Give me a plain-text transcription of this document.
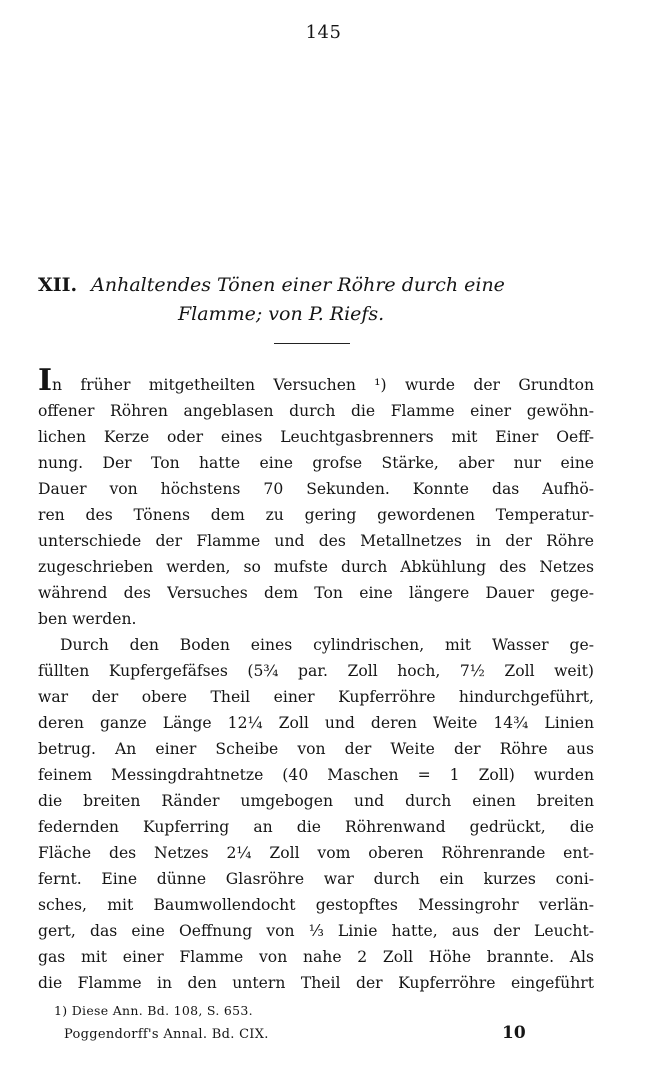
145
XII. Anhaltendes Tönen einer Röhre durch eine
Flamme; von P. Riefs.
In früher mitgetheilten Versuchen ¹) wurde der Grundton
offener Röhren angeblasen durch die Flamme einer gewöhn-
lichen Kerze oder eines Leuchtgasbrenners mit Einer Oeff-
nung. Der Ton hatte eine grofse Stärke, aber nur eine
Dauer von höchstens 70 Sekunden. Konnte das Aufhö-
ren des Tönens dem zu gering gewordenen Temperatur-
unterschiede der Flamme und des Metallnetzes in der Röhre
zugeschrieben werden, so mufste durch Abkühlung des Netzes
während des Versuches dem Ton eine längere Dauer gege-
ben werden.
Durch den Boden eines cylindrischen, mit Wasser ge-
füllten Kupfergefäfses (5¾ par. Zoll hoch, 7½ Zoll weit)
war der obere Theil einer Kupferröhre hindurchgeführt,
deren ganze Länge 12¼ Zoll und deren Weite 14¾ Linien
betrug. An einer Scheibe von der Weite der Röhre aus
feinem Messingdrahtnetze (40 Maschen = 1 Zoll) wurden
die breiten Ränder umgebogen und durch einen breiten
federnden Kupferring an die Röhrenwand gedrückt, die
Fläche des Netzes 2¼ Zoll vom oberen Röhrenrande ent-
fernt. Eine dünne Glasröhre war durch ein kurzes coni-
sches, mit Baumwollendocht gestopftes Messingrohr verlän-
gert, das eine Oeffnung von ⅓ Linie hatte, aus der Leucht-
gas mit einer Flamme von nahe 2 Zoll Höhe brannte. Als
die Flamme in den untern Theil der Kupferröhre eingeführt
1) Diese Ann. Bd. 108, S. 653.
Poggendorff's Annal. Bd. CIX.	10
